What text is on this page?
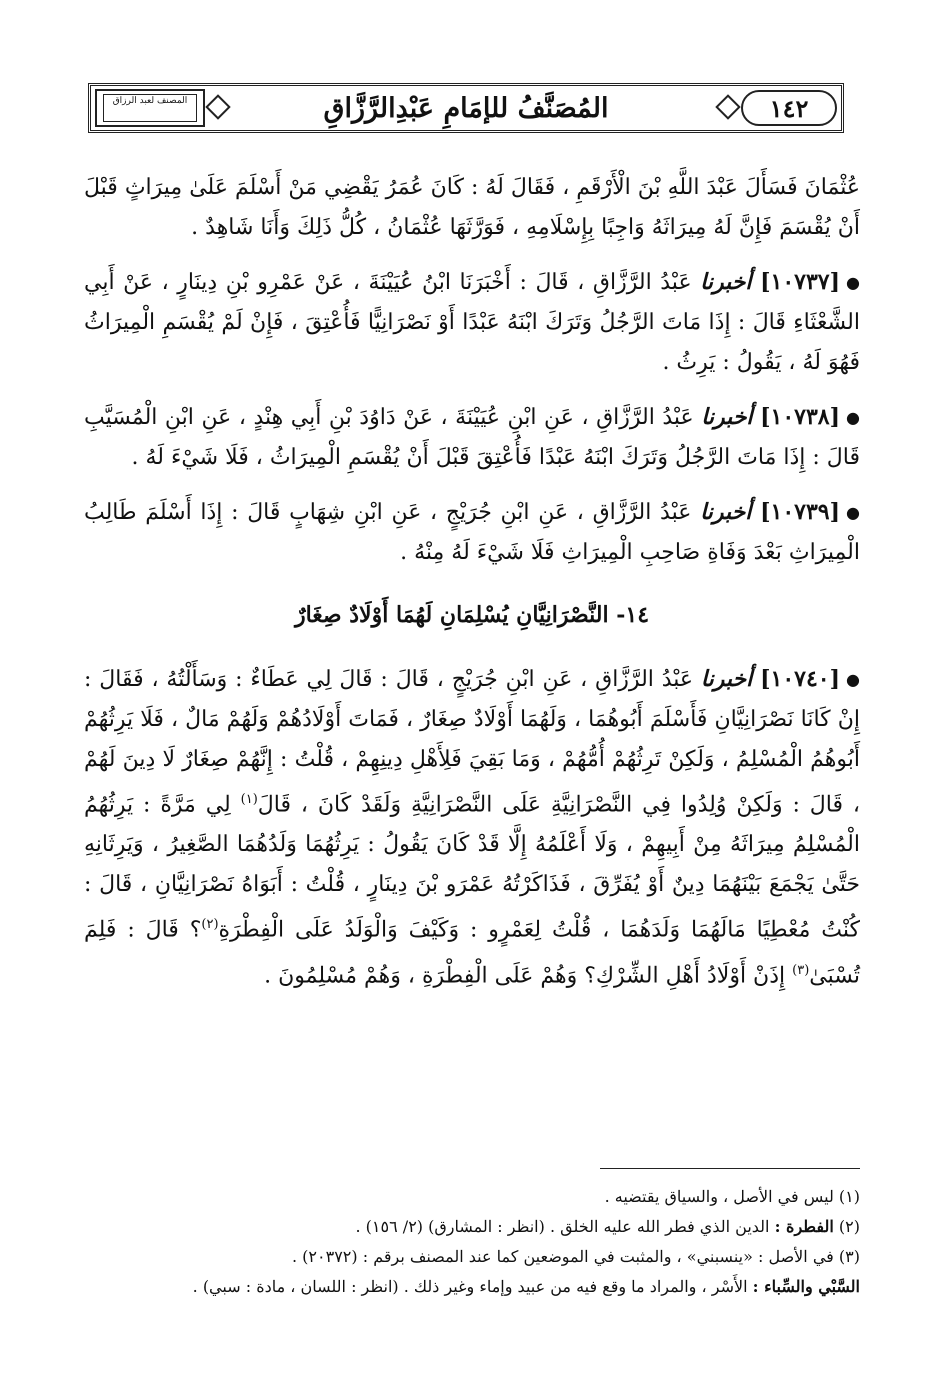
١٤٢
المُصَنَّفُ للإمَامِ عَبْدِالرَّزَّاقِ
المصنف لعبد الرزاق

عُثْمَانَ فَسَأَلَ عَبْدَ اللَّهِ بْنَ الْأَرْقَمِ ، فَقَالَ لَهُ : كَانَ عُمَرُ يَقْضِي مَنْ أَسْلَمَ عَلَىٰ مِيرَاثٍ قَبْلَ أَنْ يُقْسَمَ فَإِنَّ لَهُ مِيرَاثَهُ وَاجِبًا بِإِسْلَامِهِ ، فَوَرَّثَهَا عُثْمَانُ ، كُلُّ ذَلِكَ وَأَنَا شَاهِدٌ .

●[١٠٧٣٧] أخبرنا عَبْدُ الرَّزَّاقِ ، قَالَ : أَخْبَرَنَا ابْنُ عُيَيْنَةَ ، عَنْ عَمْرِو بْنِ دِينَارٍ ، عَنْ أَبِي الشَّعْثَاءِ قَالَ : إِذَا مَاتَ الرَّجُلُ وَتَرَكَ ابْنَهُ عَبْدًا أَوْ نَصْرَانِيًّا فَأُعْتِقَ ، فَإِنْ لَمْ يُقْسَمِ الْمِيرَاثُ فَهُوَ لَهُ ، يَقُولُ : يَرِثُ .

●[١٠٧٣٨] أخبرنا عَبْدُ الرَّزَّاقِ ، عَنِ ابْنِ عُيَيْنَةَ ، عَنْ دَاوُدَ بْنِ أَبِي هِنْدٍ ، عَنِ ابْنِ الْمُسَيَّبِ قَالَ : إِذَا مَاتَ الرَّجُلُ وَتَرَكَ ابْنَهُ عَبْدًا فَأُعْتِقَ قَبْلَ أَنْ يُقْسَمِ الْمِيرَاثُ ، فَلَا شَيْءَ لَهُ .

●[١٠٧٣٩] أخبرنا عَبْدُ الرَّزَّاقِ ، عَنِ ابْنِ جُرَيْجٍ ، عَنِ ابْنِ شِهَابٍ قَالَ : إِذَا أَسْلَمَ طَالِبُ الْمِيرَاثِ بَعْدَ وَفَاةِ صَاحِبِ الْمِيرَاثِ فَلَا شَيْءَ لَهُ مِنْهُ .

١٤- النَّصْرَانِيَّانِ يُسْلِمَانِ لَهُمَا أَوْلَادٌ صِغَارٌ

●[١٠٧٤٠] أخبرنا عَبْدُ الرَّزَّاقِ ، عَنِ ابْنِ جُرَيْجٍ ، قَالَ : قَالَ لِي عَطَاءٌ : وَسَأَلْتُهُ ، فَقَالَ : إِنْ كَانَا نَصْرَانِيَّانِ فَأَسْلَمَ أَبُوهُمَا ، وَلَهُمَا أَوْلَادٌ صِغَارٌ ، فَمَاتَ أَوْلَادُهُمْ وَلَهُمْ مَالٌ ، فَلَا يَرِثُهُمْ أَبُوهُمُ الْمُسْلِمُ ، وَلَكِنْ تَرِثُهُمْ أُمُّهُمْ ، وَمَا بَقِيَ فَلِأَهْلِ دِينِهِمْ ، قُلْتُ : إِنَّهُمْ صِغَارٌ لَا دِينَ لَهُمْ ، قَالَ : وَلَكِنْ وُلِدُوا فِي النَّصْرَانِيَّةِ عَلَى النَّصْرَانِيَّةِ وَلَقَدْ كَانَ ، قَالَ$^{(١)}$ لِي مَرَّةً : يَرِثُهُمُ الْمُسْلِمُ مِيرَاثَهُ مِنْ أَبِيهِمْ ، وَلَا أَعْلَمُهُ إِلَّا قَدْ كَانَ يَقُولُ : يَرِثُهُمَا وَلَدُهُمَا الصَّغِيرُ ، وَيَرِثَانِهِ حَتَّىٰ يَجْمَعَ بَيْنَهُمَا دِينٌ أَوْ يُفَرِّقَ ، فَذَاكَرْتُهُ عَمْرَو بْنَ دِينَارٍ ، قُلْتُ : أَبَوَاهُ نَصْرَانِيَّانِ ، قَالَ : كُنْتُ مُعْطِيًا مَالَهُمَا وَلَدَهُمَا ، قُلْتُ لِعَمْرٍو : وَكَيْفَ وَالْوَلَدُ عَلَى الْفِطْرَةِ$^{(٢)}$؟ قَالَ : فَلِمَ تُسْبَىٰ$^{(٣)}$ إِذَنْ أَوْلَادُ أَهْلِ الشِّرْكِ؟ وَهُمْ عَلَى الْفِطْرَةِ ، وَهُمْ مُسْلِمُونَ .

(١) ليس في الأصل ، والسياق يقتضيه .

(٢) الفطرة : الدين الذي فطر الله عليه الخلق . (انظر : المشارق) (٢/ ١٥٦) .

(٣) في الأصل : «ينسبني» ، والمثبت في الموضعين كما عند المصنف برقم : (٢٠٣٧٢) .

السَّبْي والسِّباء : الأَسْر ، والمراد ما وقع فيه من عبيد وإماء وغير ذلك . (انظر : اللسان ، مادة : سبي) .
